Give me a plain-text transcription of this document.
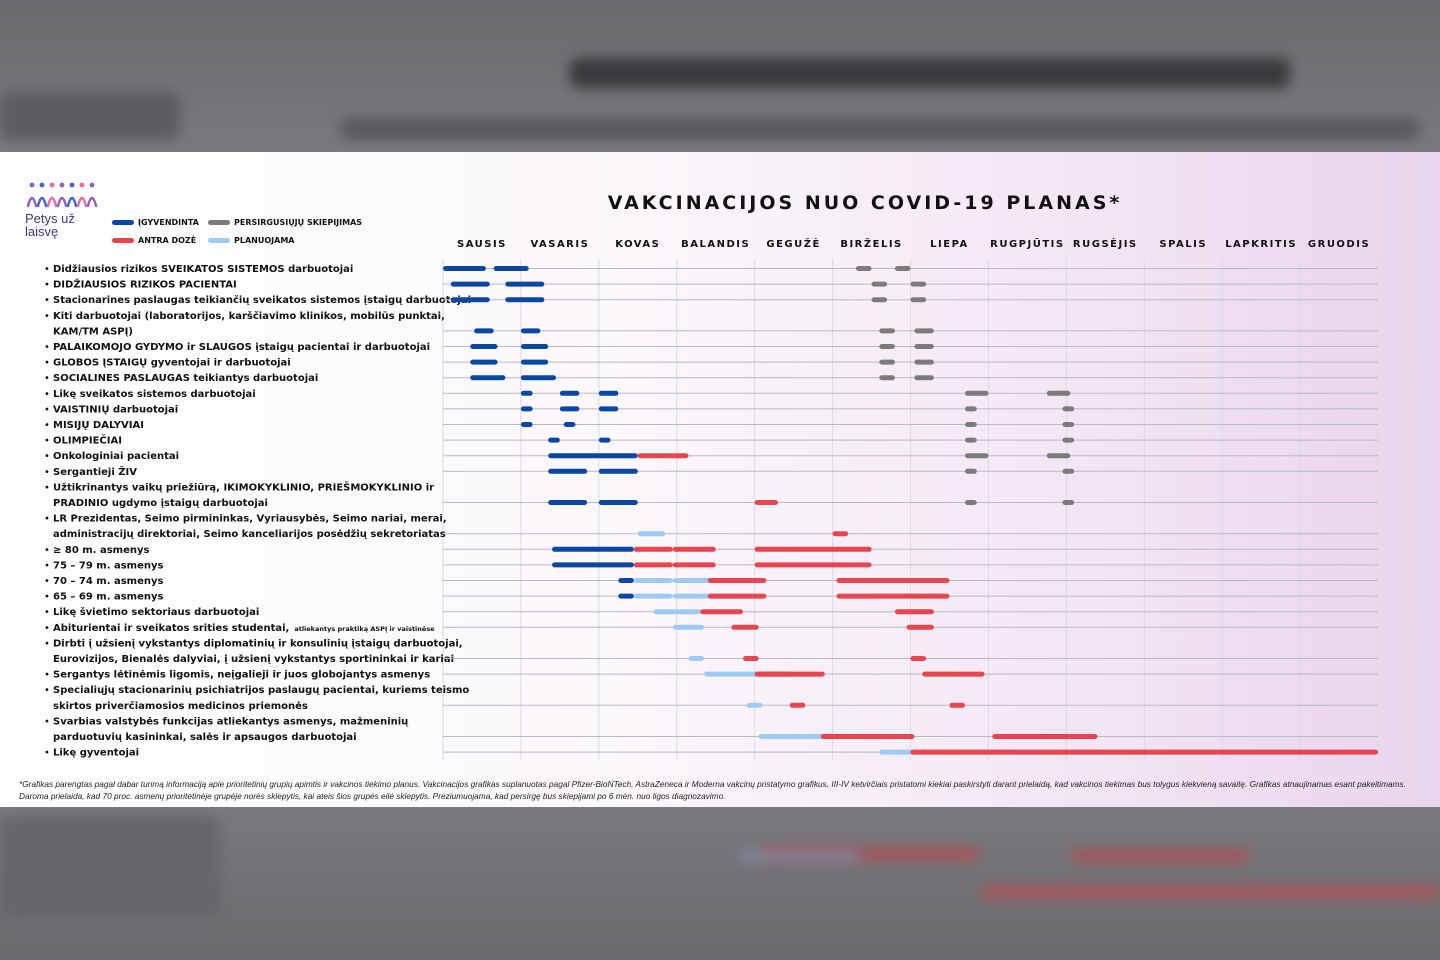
SAUSIS VASARIS	KOVAS BALANDIS GEGUŽĖ BIRŽELIS	LIEPA RUGPJŪTIS RUGSĖJIS SPALIS LAPKRITIS GRUODIS
• Didžiausios rizikos SVEIKATOS SISTEMOS darbuotojai
• DIDŽIAUSIOS RIZIKOS PACIENTAI
• Stacionarines paslaugas teikiančių sveikatos sistemos įstaigų darbuotojai
• Kiti darbuotojai (laboratorijos, karščiavimo klinikos, mobilūs punktai,
KAM/TM ASPĮ)
• PALAIKOMOJO GYDYMO ir SLAUGOS įstaigų pacientai ir darbuotojai
• GLOBOS ĮSTAIGŲ gyventojai ir darbuotojai
• SOCIALINES PASLAUGAS teikiantys darbuotojai
• Likę sveikatos sistemos darbuotojai
• VAISTINIŲ darbuotojai
• MISIJŲ DALYVIAI
• OLIMPIEČIAI
• Onkologiniai pacientai
• Sergantieji ŽIV
• Užtikrinantys vaikų priežiūrą, IKIMOKYKLINIO, PRIEŠMOKYKLINIO ir
PRADINIO ugdymo įstaigų darbuotojai
• LR Prezidentas, Seimo pirmininkas, Vyriausybės, Seimo nariai, merai,
administracijų direktoriai, Seimo kanceliarijos posėdžių sekretoriatas
• ≥ 80 m. asmenys
• 75 – 79 m. asmenys
• 70 – 74 m. asmenys
• 65 – 69 m. asmenys
• Likę švietimo sektoriaus darbuotojai
• Abiturientai ir sveikatos srities studentai, atliekantys praktiką ASPĮ ir vaistinėse
• Dirbti į užsienį vykstantys diplomatinių ir konsulinių įstaigų darbuotojai,
Eurovizijos, Bienalės dalyviai, į užsienį vykstantys sportininkai ir kariai
• Sergantys lėtinėmis ligomis, neįgalieji ir juos globojantys asmenys
• Specialiųjų stacionarinių psichiatrijos paslaugų pacientai, kuriems teismo
skirtos priverčiamosios medicinos priemonės
• Svarbias valstybės funkcijas atliekantys asmenys, mažmeninių
parduotuvių kasininkai, salės ir apsaugos darbuotojai
• Likę gyventojai
Petys už
laisvę
VAKCINACIJOS NUO COVID-19 PLANAS*
ĮGYVENDINTA	PERSIRGUSIŲJŲ SKIEPIJIMAS
ANTRA DOZĖ	PLANUOJAMA
*Grafikas parengtas pagal dabar turimą informaciją apie prioritetinių grupių apimtis ir vakcinos tiekimo planus. Vakcinacijos grafikas suplanuotas pagal Pfizer-BioNTech, AstraZeneca ir Moderna vakcinų pristatymo grafikus. III-IV ketvirčiais pristatomi kiekiai paskirstyti darant prielaidą, kad vakcinos tiekimas bus tolygus kiekvieną savaitę. Grafikas atnaujinamas esant pakeitimams. Daroma prielaida, kad 70 proc. asmenų prioritetinėje grupėje norės skiepytis, kai ateis šios grupės eilė skiepytis. Preziumuojama, kad persirgę bus skiepijami po 6 mėn. nuo ligos diagnozavimo.
